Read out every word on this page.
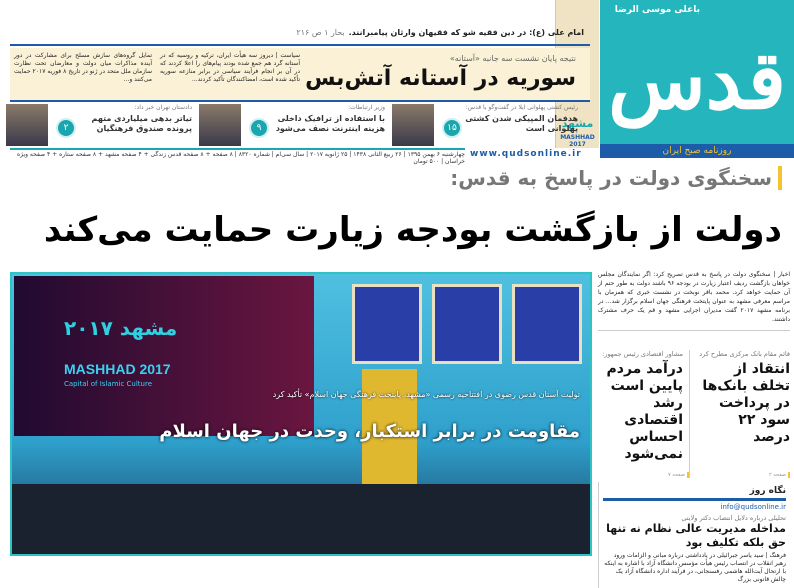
باعلی موسی الرضا
قدس
روزنامه صبح ایران
مشهد
MASHHAD 2017
امام علی (ع): در دین فقیه شو که فقیهان وارثان پیامبرانند.بحار ۱ ص ۲۱۶
نتیجه پایان نشست سه جانبه «آستانه»
سوریه در آستانه آتش‌بس
سیاست | دیروز سه هیأت ایران، ترکیه و روسیه که در آستانه گرد هم جمع شده بودند پیام‌های را اعلا کردند که در آن بر انجام فرآیند سیاسی در برابر منازعه سوریه تأکید شده است، امضاکنندگان تأکید کردند...
تمایل گروه‌های سازش مسلح برای مشارکت در دور آینده مذاکرات میان دولت و معارضان تحت نظارت سازمان ملل متحد در ژنو در تاریخ ۸ فوریه ۲۰۱۷ حمایت می‌کنند و...
۱۵
رئیس کشتی پهلوانی ایلا در گفت‌وگو با قدس:
هدفمان المپیکی شدن کشتی پهلوانی است
۹
وزیر ارتباطات:
با استفاده از ترافیک داخلی هزینه اینترنت نصف می‌شود
۲
دادستان تهران خبر داد:
تیاتر بدهی میلیاردی متهم پرونده صندوق فرهنگیان
چهارشنبه ۶ بهمن ۱۳۹۵ | ۲۶ ربیع الثانی ۱۴۳۸ | ۲۵ ژانویه ۲۰۱۷ | سال سی‌ام | شماره ۸۳۲۰ | ۸ صفحه + ۸ صفحه قدس زندگی + ۴ صفحه مشهد + ۸ صفحه ستاره + ۴ صفحه ویژه خراسان | ۵۰۰ تومان
www.qudsonline.ir
سخنگوی دولت در پاسخ به قدس:
دولت از بازگشت بودجه زیارت حمایت می‌کند
مشهد ۲۰۱۷
MASHHAD 2017
Capital of Islamic Culture
تولیت آستان قدس رضوی در افتتاحیه رسمی «مشهد، پایتخت فرهنگی جهان اسلام» تأکید کرد
مقاومت در برابر استکبار، وحدت در جهان اسلام
اخبار | سخنگوی دولت در پاسخ به قدس تصریح کرد: اگر نمایندگان مجلس خواهان بازگشت ردیف اعتبار زیارت در بودجه ۹۶ باشند دولت به طور حتم از آن حمایت خواهد کرد. محمد باقر نوبخت در نشست خبری که همزمان با مراسم معرفی مشهد به عنوان پایتخت فرهنگی جهان اسلام برگزار شد... در برنامه مشهد ۲۰۱۷ گفت مدیران اجرایی مشهد و قم یک حرف مشترک داشتند.
قائم مقام بانک مرکزی مطرح کرد
انتقاد از تخلف بانک‌ها در پرداخت سود ۲۲ درصد
صفحه ۲
مشاور اقتصادی رئیس جمهور:
درآمد مردم پایین است رشد اقتصادی احساس نمی‌شود
صفحه ۷
نگاه روز
info@qudsonline.ir
تحلیلی درباره دلایل انتصاب دکتر ولایتی
مداخله مدیریت عالی نظام نه تنها حق بلکه تکلیف بود
فرهنگ | سید یاسر جبرائیلی در یادداشتی درباره مبانی و الزامات ورود رهبر انقلاب در انتصاب رئیس هیأت مؤسس دانشگاه آزاد با اشاره به اینکه با ارتحال آیت‌الله هاشمی رفسنجانی، در فرآیند اداره دانشگاه آزاد یک چالش قانونی بزرگ
